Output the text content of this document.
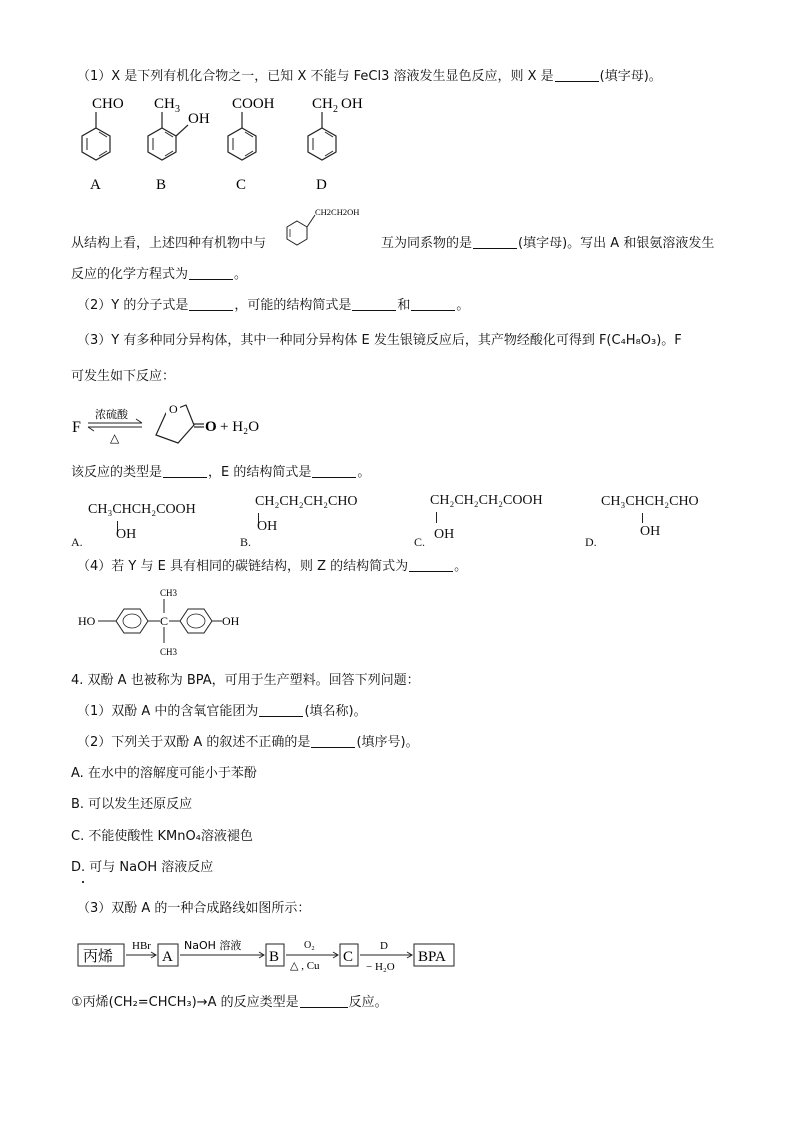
（1）X 是下列有机化合物之一，已知 X 不能与 FeCl3 溶液发生显色反应，则 X 是	(填字母)。
CHO
A
CH 3
OH
B
COOH
C
CH 2 OH
D
从结构上看，上述四种有机物中与
CH2CH2OH
互为同系物的是	(填字母)。写出 A 和银氨溶液发生
反应的化学方程式为	。
（2）Y 的分子式是	，可能的结构简式是	和	。
（3）Y 有多种同分异构体，其中一种同分异构体 E 发生银镜反应后，其产物经酸化可得到 F(C₄H₈O₃)。F
可发生如下反应：
F
浓硫酸
△
O
O + H₂O
该反应的类型是	，E 的结构简式是	。
CH₃CHCH₂COOH
OH
A.
CH₂CH₂CH₂CHO
OH
B.
CH₂CH₂CH₂COOH
OH
C.
CH₃CHCH₂CHO
OH
D.
（4）若 Y 与 E 具有相同的碳链结构，则 Z 的结构简式为	。
HO	C
CH3
CH3
OH
4. 双酚 A 也被称为 BPA，可用于生产塑料。回答下列问题：
（1）双酚 A 中的含氧官能团为	(填名称)。
（2）下列关于双酚 A 的叙述不正确的是	(填序号)。
A. 在水中的溶解度可能小于苯酚
B. 可以发生还原反应
C. 不能使酸性 KMnO₄溶液褪色
D. 可与 NaOH 溶液反应
（3）双酚 A 的一种合成路线如图所示：
丙烯
HBr
A
NaOH 溶液
B
O₂
△ , Cu
C
D
− H₂O
BPA
①丙烯(CH₂=CHCH₃)→A 的反应类型是	反应。
